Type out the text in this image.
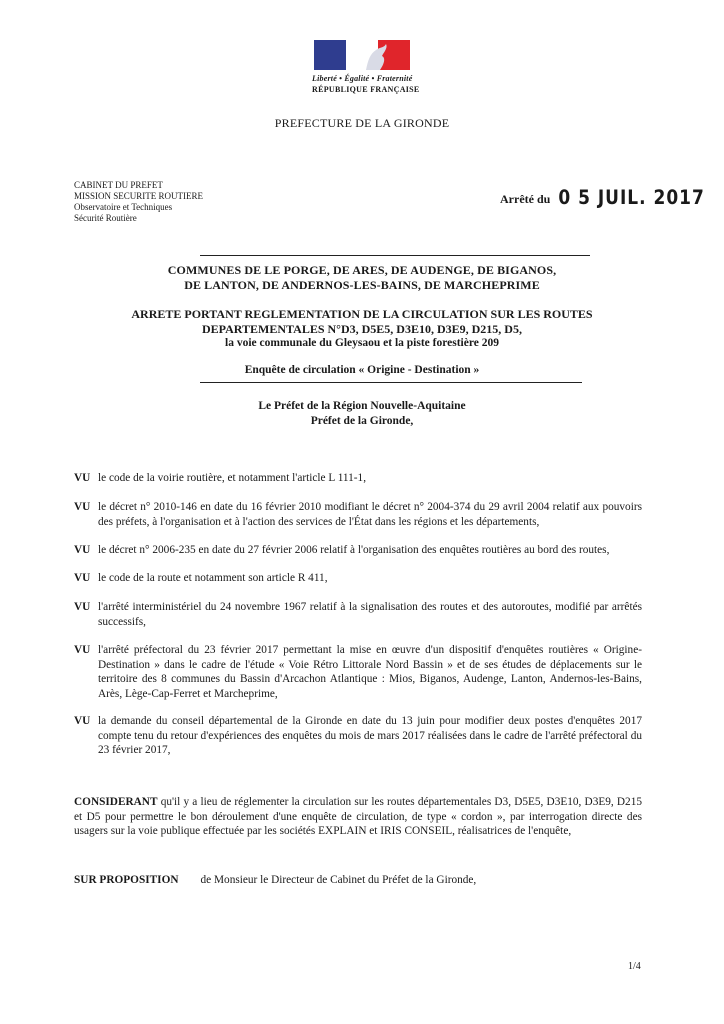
Liberté • Égalité • Fraternité
RÉPUBLIQUE FRANÇAISE
PREFECTURE DE LA GIRONDE
CABINET DU PREFET
MISSION SECURITE ROUTIERE
Observatoire et Techniques
Sécurité Routière
Arrêté du 0 5 JUIL. 2017
COMMUNES DE LE PORGE, DE ARES, DE AUDENGE, DE BIGANOS,
DE LANTON, DE ANDERNOS-LES-BAINS, DE MARCHEPRIME
ARRETE PORTANT REGLEMENTATION DE LA CIRCULATION SUR LES ROUTES
DEPARTEMENTALES N°D3, D5E5, D3E10, D3E9, D215, D5,
la voie communale du Gleysaou et la piste forestière 209
Enquête de circulation « Origine - Destination »
Le Préfet de la Région Nouvelle-Aquitaine
Préfet de la Gironde,
VU le code de la voirie routière, et notamment l'article L 111-1,
VU le décret n° 2010-146 en date du 16 février 2010 modifiant le décret n° 2004-374 du 29 avril 2004 relatif aux pouvoirs des préfets, à l'organisation et à l'action des services de l'État dans les régions et les départements,
VU le décret n° 2006-235 en date du 27 février 2006 relatif à l'organisation des enquêtes routières au bord des routes,
VU le code de la route et notamment son article R 411,
VU l'arrêté interministériel du 24 novembre 1967 relatif à la signalisation des routes et des autoroutes, modifié par arrêtés successifs,
VU l'arrêté préfectoral du 23 février 2017 permettant la mise en œuvre d'un dispositif d'enquêtes routières « Origine-Destination » dans le cadre de l'étude « Voie Rétro Littorale Nord Bassin » et de ses études de déplacements sur le territoire des 8 communes du Bassin d'Arcachon Atlantique : Mios, Biganos, Audenge, Lanton, Andernos-les-Bains, Arès, Lège-Cap-Ferret et Marcheprime,
VU la demande du conseil départemental de la Gironde en date du 13 juin pour modifier deux postes d'enquêtes 2017 compte tenu du retour d'expériences des enquêtes du mois de mars 2017 réalisées dans le cadre de l'arrêté préfectoral du 23 février 2017,
CONSIDERANT qu'il y a lieu de réglementer la circulation sur les routes départementales D3, D5E5, D3E10, D3E9, D215 et D5 pour permettre le bon déroulement d'une enquête de circulation, de type « cordon », par interrogation directe des usagers sur la voie publique effectuée par les sociétés EXPLAIN et IRIS CONSEIL, réalisatrices de l'enquête,
SUR PROPOSITION de Monsieur le Directeur de Cabinet du Préfet de la Gironde,
1/4
